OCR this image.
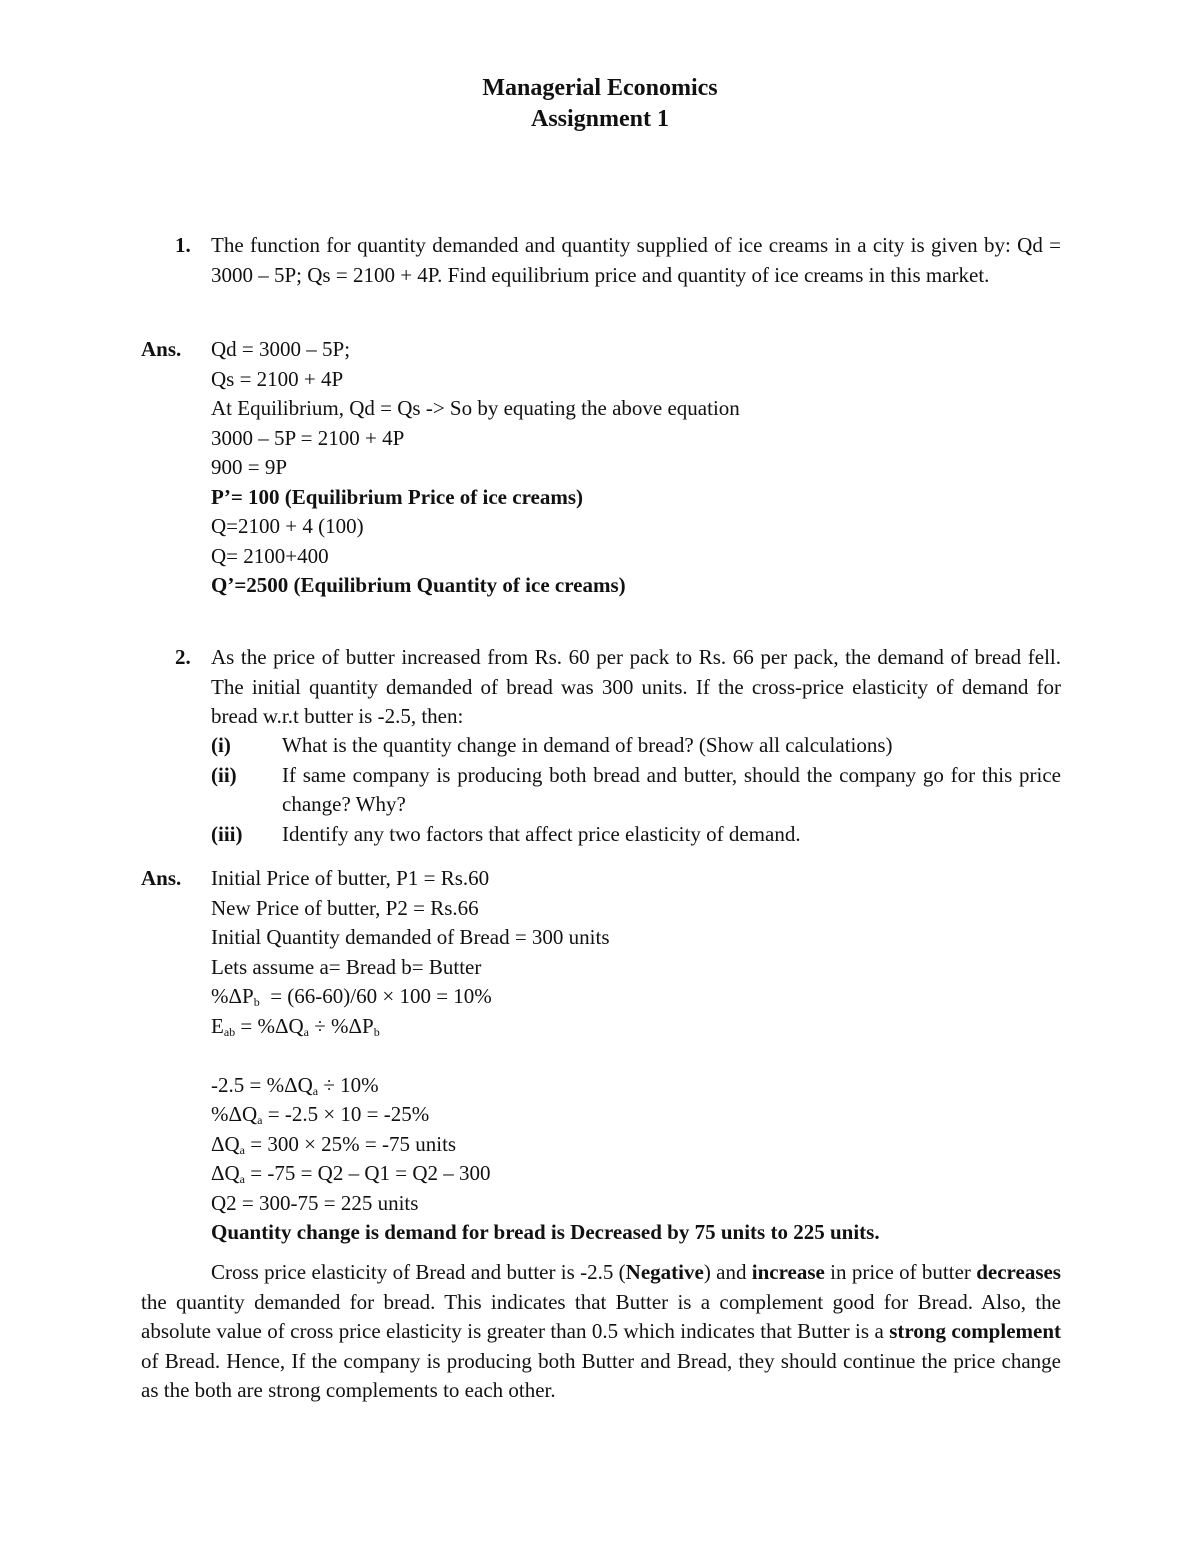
Managerial Economics
Assignment 1
1. The function for quantity demanded and quantity supplied of ice creams in a city is given by: Qd = 3000 – 5P; Qs = 2100 + 4P. Find equilibrium price and quantity of ice creams in this market.
Ans. Qd = 3000 – 5P;
Qs = 2100 + 4P
At Equilibrium, Qd = Qs -> So by equating the above equation
3000 – 5P = 2100 + 4P
900 = 9P
P’= 100 (Equilibrium Price of ice creams)
Q=2100 + 4 (100)
Q= 2100+400
Q’=2500 (Equilibrium Quantity of ice creams)
2. As the price of butter increased from Rs. 60 per pack to Rs. 66 per pack, the demand of bread fell. The initial quantity demanded of bread was 300 units. If the cross-price elasticity of demand for bread w.r.t butter is -2.5, then:
(i) What is the quantity change in demand of bread? (Show all calculations)
(ii) If same company is producing both bread and butter, should the company go for this price change? Why?
(iii) Identify any two factors that affect price elasticity of demand.
Ans. Initial Price of butter, P1 = Rs.60
New Price of butter, P2 = Rs.66
Initial Quantity demanded of Bread = 300 units
Lets assume a= Bread b= Butter
$\%\Delta P_b = (66-60)/60 \times 100 = 10\%$
$E_{ab} = \%\Delta Q_a \div \%\Delta P_b$
$-2.5 = \%\Delta Q_a \div 10\%$
$\%\Delta Q_a = -2.5 \times 10 = -25\%$
$\Delta Q_a = 300 \times 25\% = -75$ units
$\Delta Q_a = -75 = Q2 - Q1 = Q2 - 300$
Q2 = 300-75 = 225 units
Quantity change is demand for bread is Decreased by 75 units to 225 units.
Cross price elasticity of Bread and butter is -2.5 (Negative) and increase in price of butter decreases the quantity demanded for bread. This indicates that Butter is a complement good for Bread. Also, the absolute value of cross price elasticity is greater than 0.5 which indicates that Butter is a strong complement of Bread. Hence, If the company is producing both Butter and Bread, they should continue the price change as the both are strong complements to each other.
